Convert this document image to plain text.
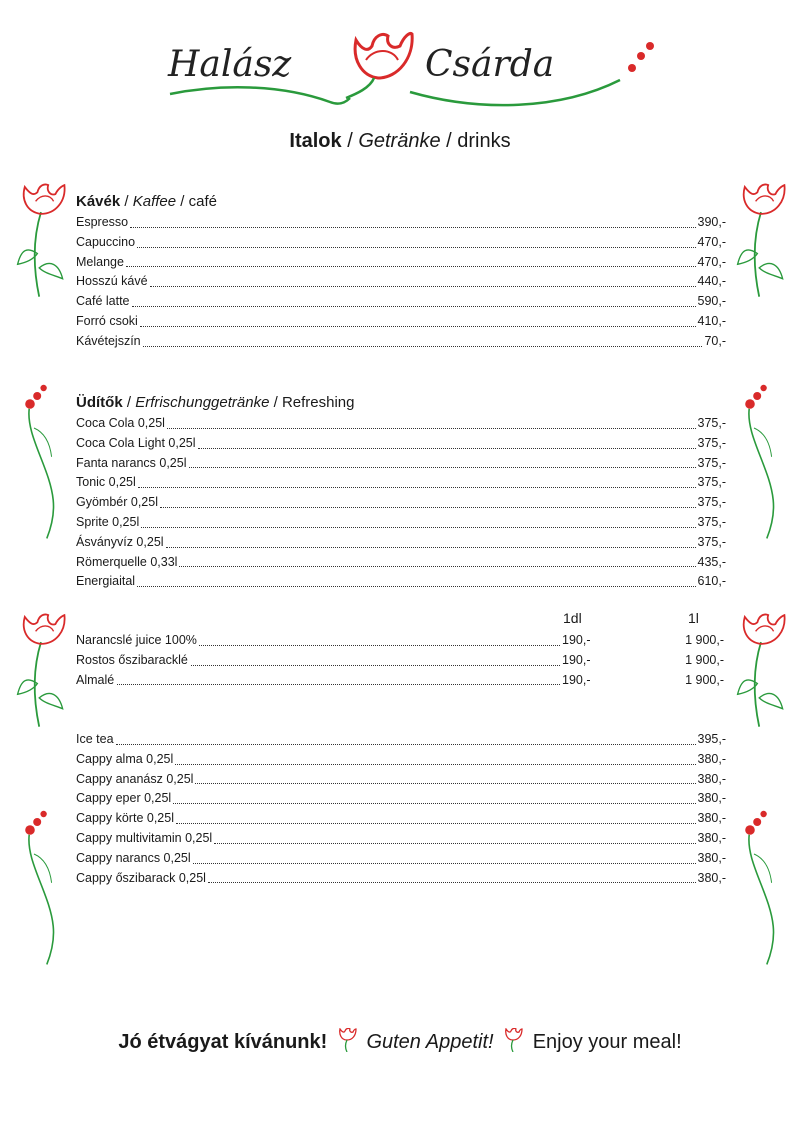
Halász	Csárda
Italok / Getränke / drinks
Kávék / Kaffee / café
Espresso	390,-
Capuccino	470,-
Melange	470,-
Hosszú kávé	440,-
Café latte	590,-
Forró csoki	410,-
Kávétejszín	70,-
Üdítők / Erfrischunggetränke / Refreshing
Coca Cola 0,25l	375,-
Coca Cola Light 0,25l	375,-
Fanta narancs 0,25l	375,-
Tonic 0,25l	375,-
Gyömbér 0,25l	375,-
Sprite 0,25l	375,-
Ásványvíz 0,25l	375,-
Römerquelle 0,33l	435,-
Energiaital	610,-
1dl	1l
Narancslé juice 100%	190,-	1 900,-
Rostos őszibaracklé	190,-	1 900,-
Almalé	190,-	1 900,-
Ice tea	395,-
Cappy alma 0,25l	380,-
Cappy ananász 0,25l	380,-
Cappy eper 0,25l	380,-
Cappy körte 0,25l	380,-
Cappy multivitamin 0,25l	380,-
Cappy narancs 0,25l	380,-
Cappy őszibarack 0,25l	380,-
Jó étvágyat kívánunk! Guten Appetit! Enjoy your meal!
